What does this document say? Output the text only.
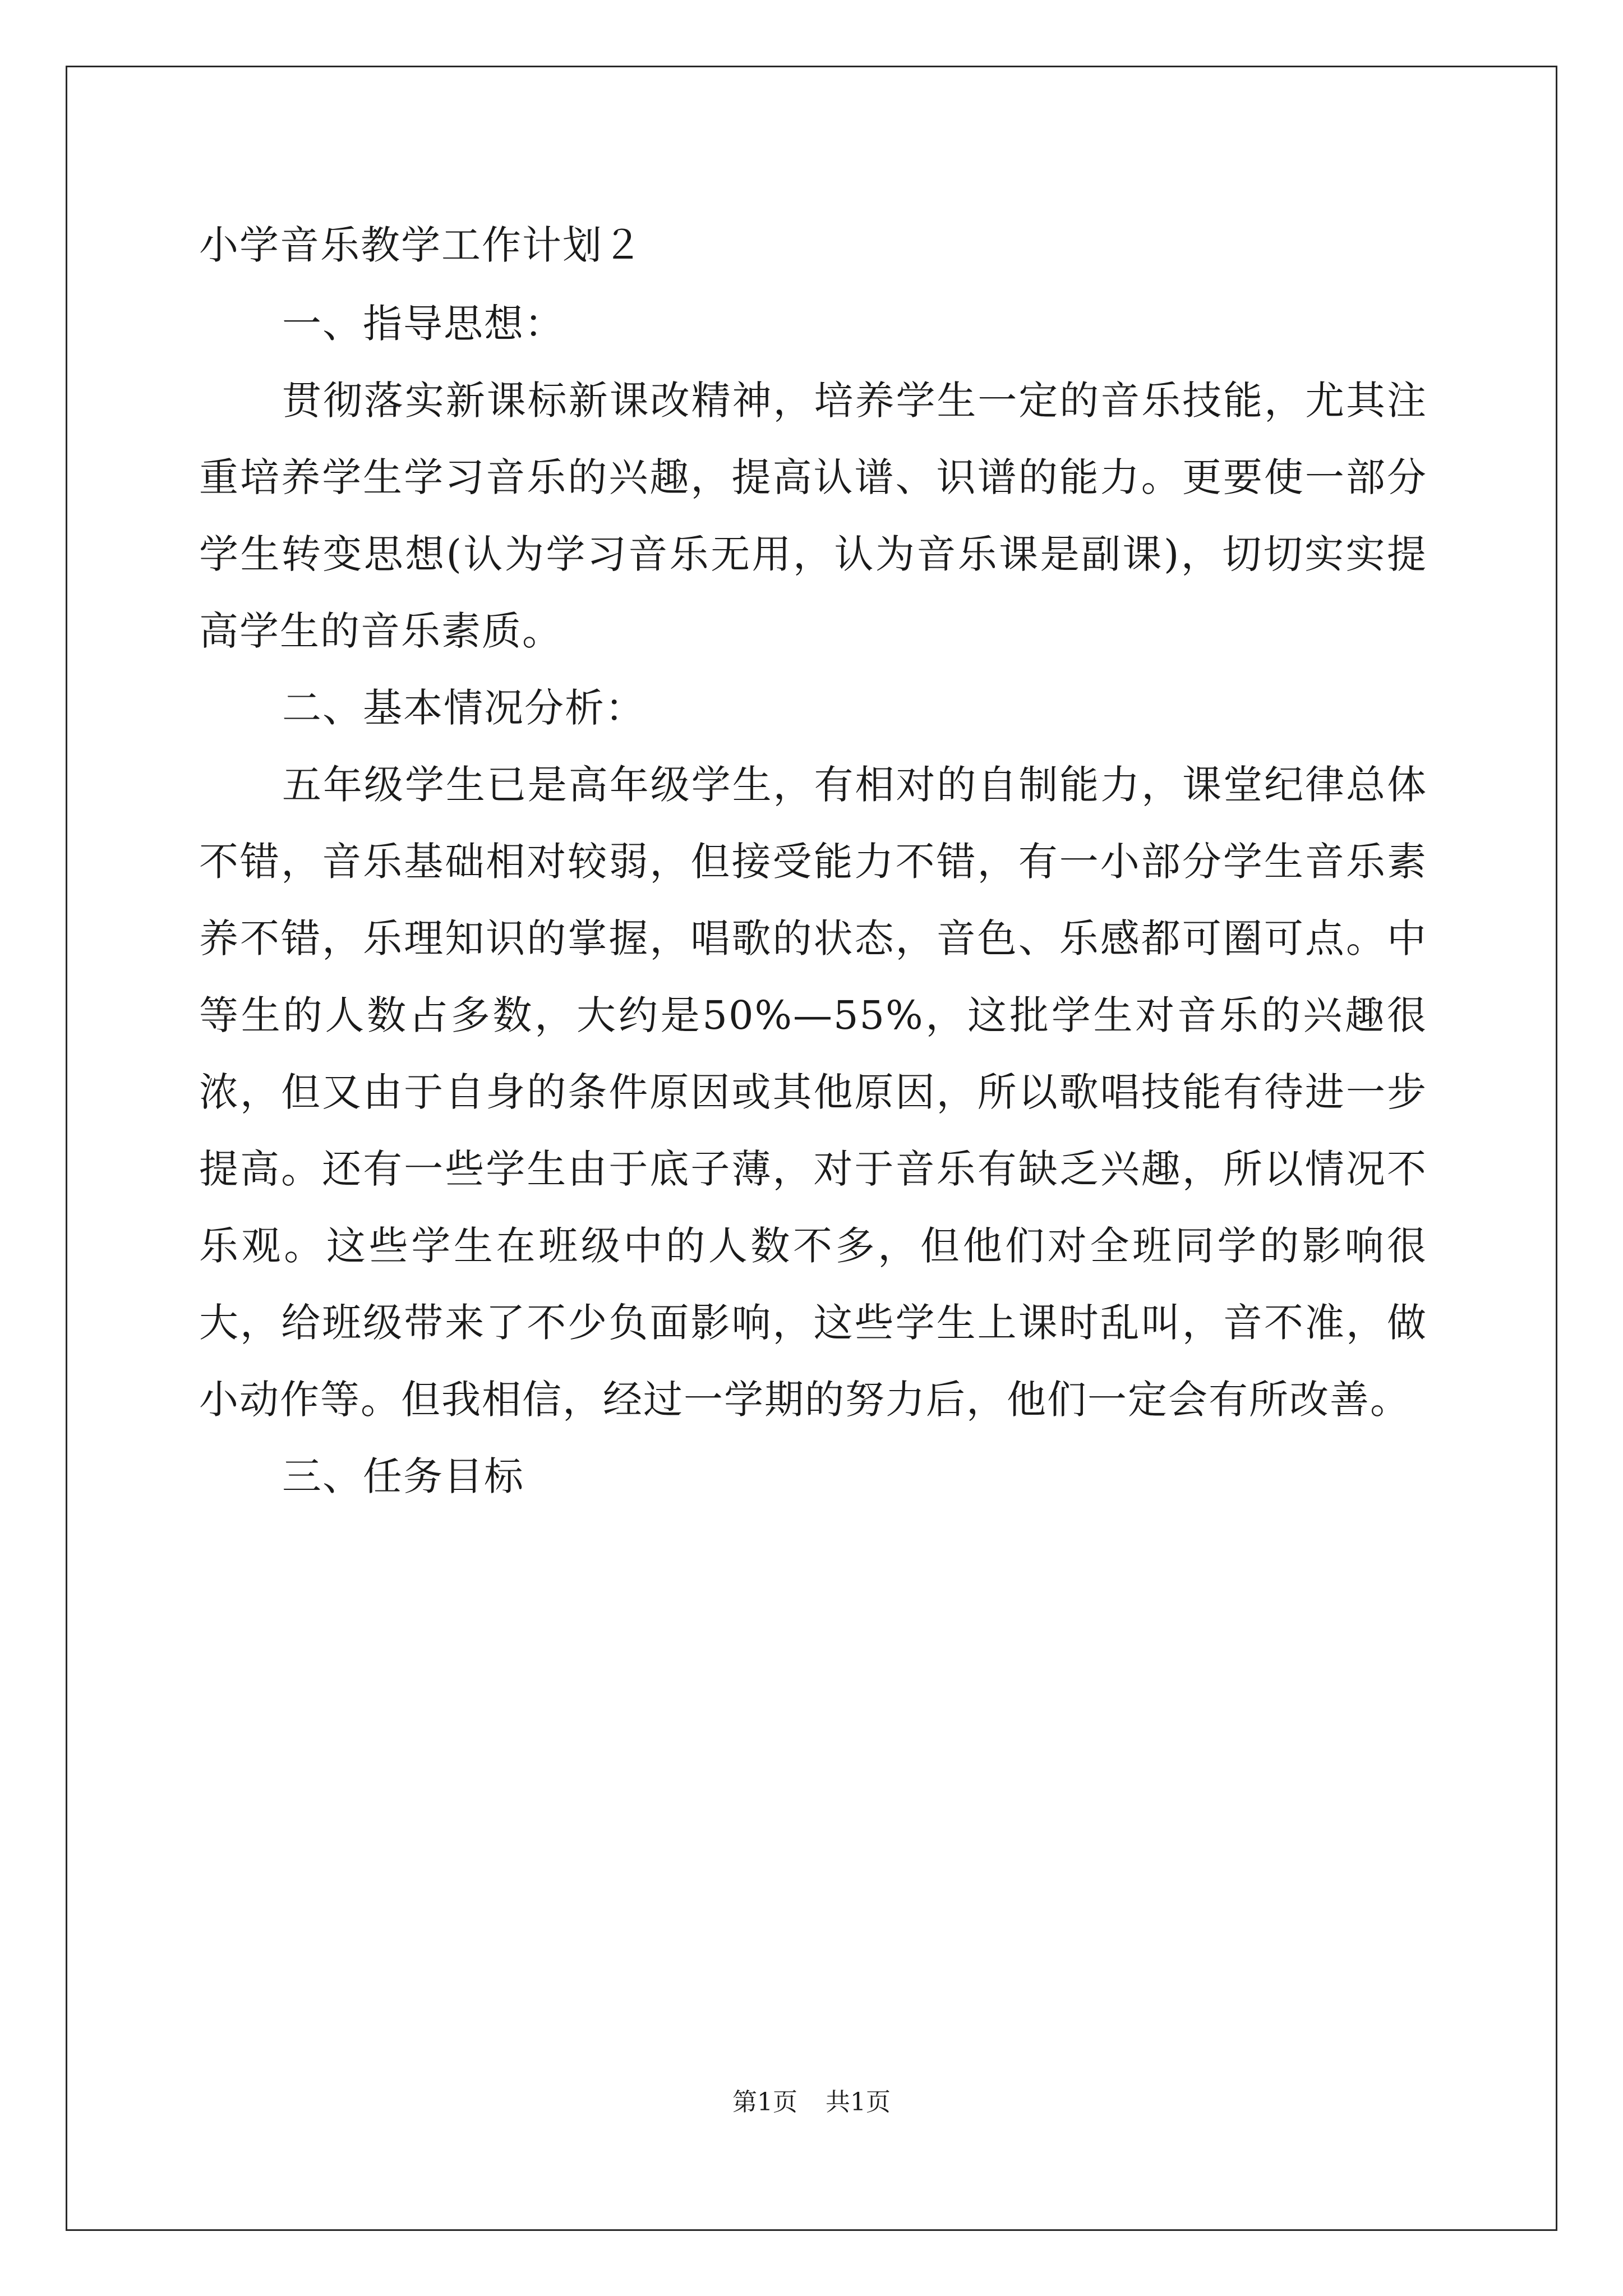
小学音乐教学工作计划２

一、指导思想：

贯彻落实新课标新课改精神，培养学生一定的音乐技能，尤其注重培养学生学习音乐的兴趣，提高认谱、识谱的能力。更要使一部分学生转变思想(认为学习音乐无用，认为音乐课是副课)，切切实实提高学生的音乐素质。

二、基本情况分析：

五年级学生已是高年级学生，有相对的自制能力，课堂纪律总体不错，音乐基础相对较弱，但接受能力不错，有一小部分学生音乐素养不错，乐理知识的掌握，唱歌的状态，音色、乐感都可圈可点。中等生的人数占多数，大约是50%—55%，这批学生对音乐的兴趣很浓，但又由于自身的条件原因或其他原因，所以歌唱技能有待进一步提高。还有一些学生由于底子薄，对于音乐有缺乏兴趣，所以情况不乐观。这些学生在班级中的人数不多，但他们对全班同学的影响很大，给班级带来了不少负面影响，这些学生上课时乱叫，音不准，做小动作等。但我相信，经过一学期的努力后，他们一定会有所改善。

三、任务目标

第1页 共1页
